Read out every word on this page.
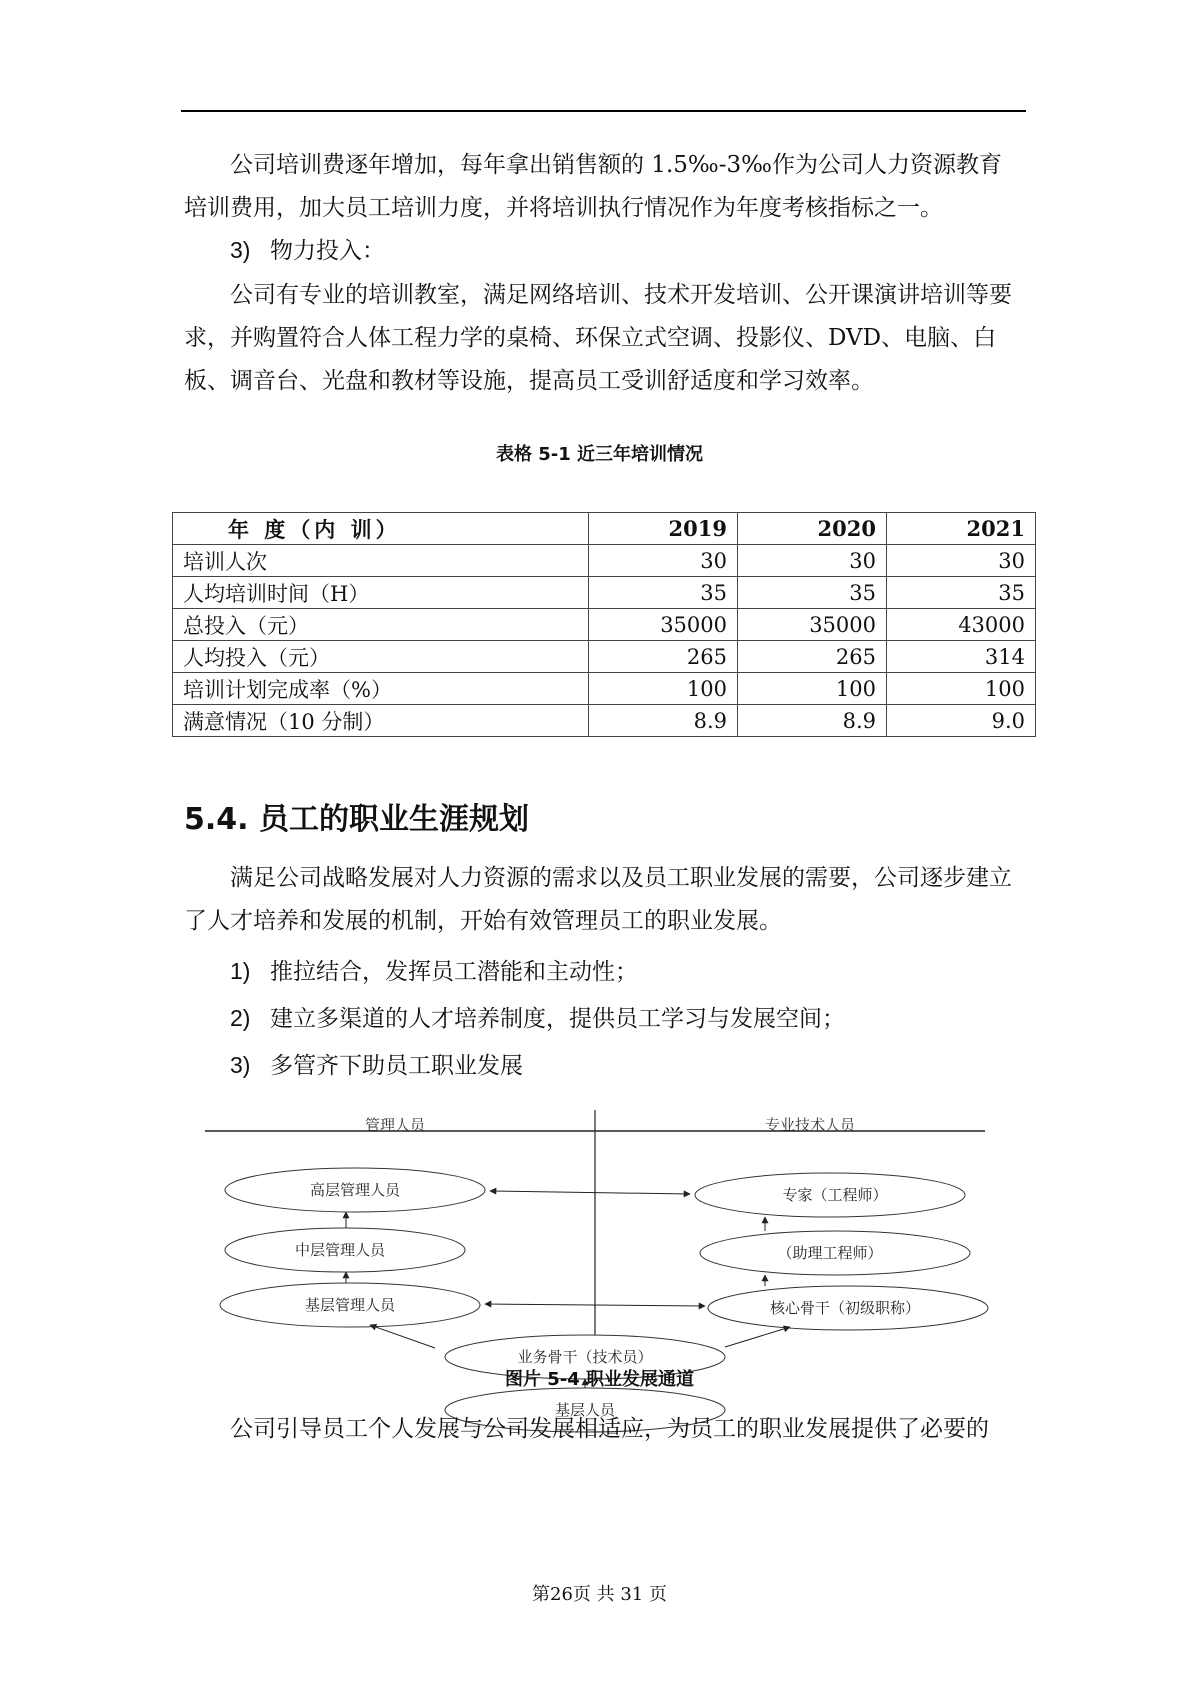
公司培训费逐年增加，每年拿出销售额的 1.5‰-3‰作为公司人力资源教育培训费用，加大员工培训力度，并将培训执行情况作为年度考核指标之一。
3) 物力投入：
公司有专业的培训教室，满足网络培训、技术开发培训、公开课演讲培训等要求，并购置符合人体工程力学的桌椅、环保立式空调、投影仪、DVD、电脑、白板、调音台、光盘和教材等设施，提高员工受训舒适度和学习效率。
表格 5-1 近三年培训情况
年 度（内 训）	2019	2020	2021
培训人次	30	30	30
人均培训时间（H）	35	35	35
总投入（元）	35000	35000	43000
人均投入（元）	265	265	314
培训计划完成率（%）	100	100	100
满意情况（10 分制）	8.9	8.9	9.0
5.4. 员工的职业生涯规划
满足公司战略发展对人力资源的需求以及员工职业发展的需要，公司逐步建立了人才培养和发展的机制，开始有效管理员工的职业发展。
1) 推拉结合，发挥员工潜能和主动性；
2) 建立多渠道的人才培养制度，提供员工学习与发展空间；
3) 多管齐下助员工职业发展
管理人员	专业技术人员
高层管理人员
中层管理人员
基层管理人员
专家（工程师）
（助理工程师）
核心骨干（初级职称）
业务骨干（技术员）
基层人员
图片 5-4 职业发展通道
公司引导员工个人发展与公司发展相适应，为员工的职业发展提供了必要的
第26页 共 31 页
